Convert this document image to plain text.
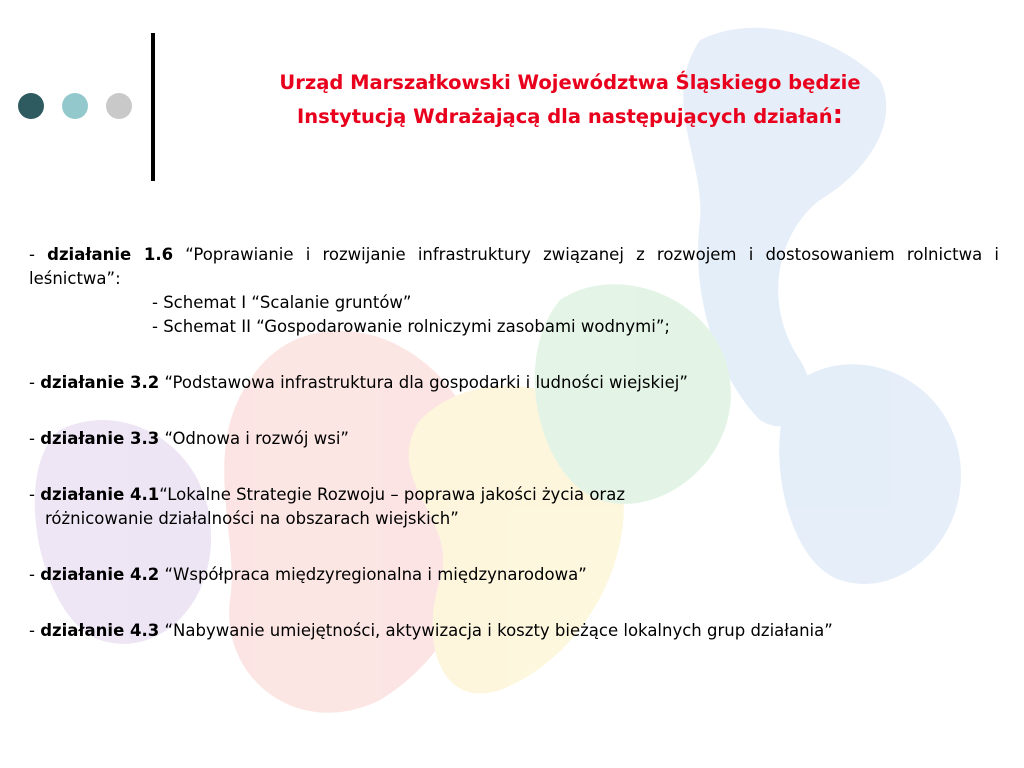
Urząd Marszałkowski Województwa Śląskiego będzie
Instytucją Wdrażającą dla następujących działań:
- działanie 1.6 “Poprawianie i rozwijanie infrastruktury związanej z rozwojem i dostosowaniem rolnictwa i leśnictwa”:
- Schemat I “Scalanie gruntów”
- Schemat II “Gospodarowanie rolniczymi zasobami wodnymi”;
- działanie 3.2 “Podstawowa infrastruktura dla gospodarki i ludności wiejskiej”
- działanie 3.3 “Odnowa i rozwój wsi”
- działanie 4.1“Lokalne Strategie Rozwoju – poprawa jakości życia oraz
różnicowanie działalności na obszarach wiejskich”
- działanie 4.2 “Współpraca międzyregionalna i międzynarodowa”
- działanie 4.3 “Nabywanie umiejętności, aktywizacja i koszty bieżące lokalnych grup działania”
